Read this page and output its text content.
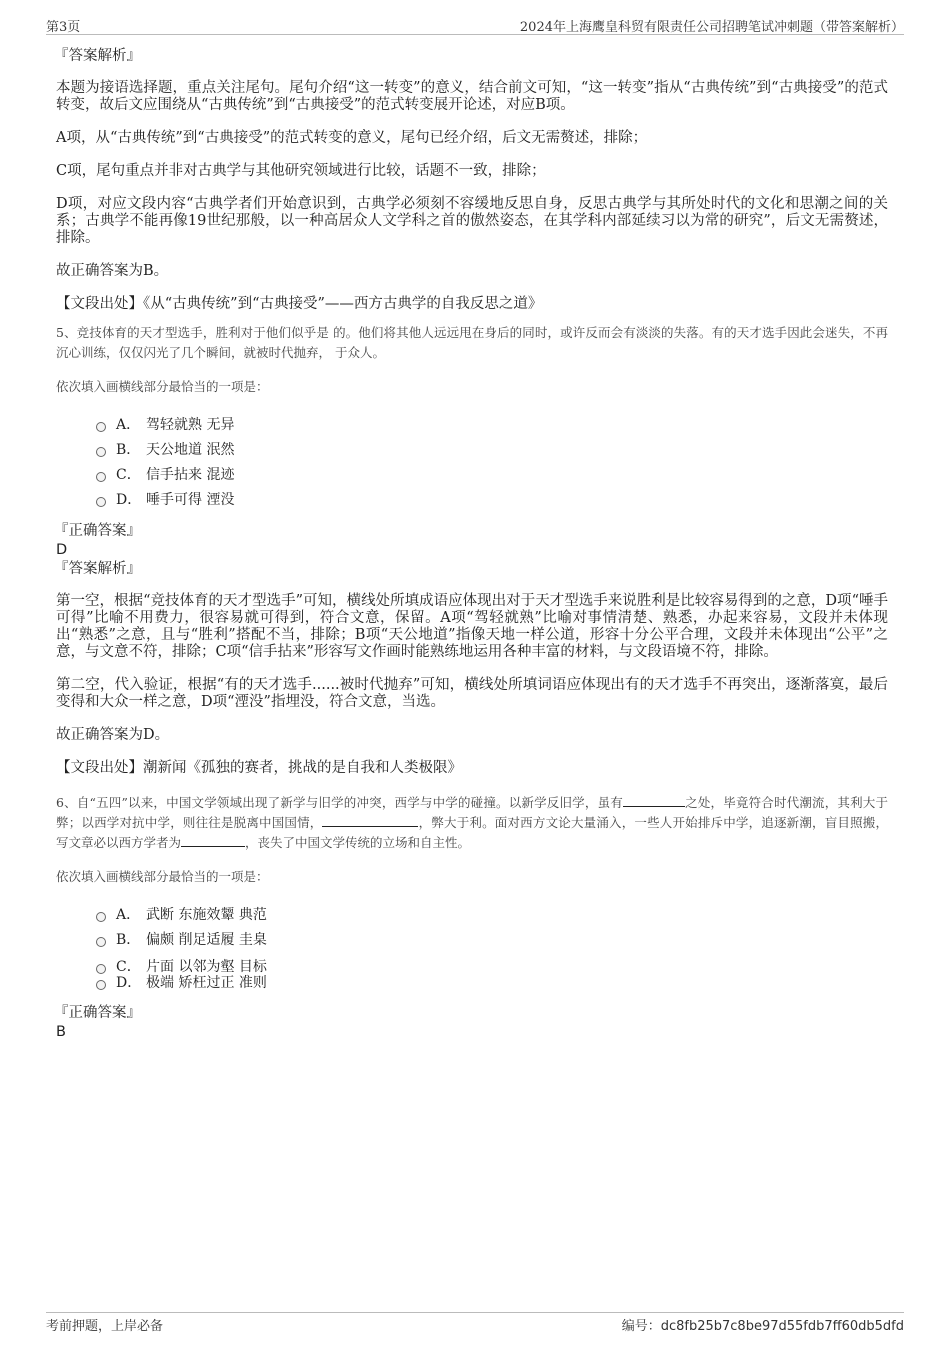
第3页	2024年上海鹰皇科贸有限责任公司招聘笔试冲刺题（带答案解析）
『答案解析』

本题为接语选择题，重点关注尾句。尾句介绍“这一转变”的意义，结合前文可知，“这一转变”指从“古典传统”到“古典接受”的范式转变，故后文应围绕从“古典传统”到“古典接受”的范式转变展开论述，对应B项。

A项，从“古典传统”到“古典接受”的范式转变的意义，尾句已经介绍，后文无需赘述，排除；

C项，尾句重点并非对古典学与其他研究领域进行比较，话题不一致，排除；

D项，对应文段内容“古典学者们开始意识到，古典学必须刻不容缓地反思自身，反思古典学与其所处时代的文化和思潮之间的关系；古典学不能再像19世纪那般，以一种高居众人文学科之首的傲然姿态，在其学科内部延续习以为常的研究”，后文无需赘述，排除。

故正确答案为B。

【文段出处】《从“古典传统”到“古典接受”——西方古典学的自我反思之道》

5、竞技体育的天才型选手，胜利对于他们似乎是 的。他们将其他人远远甩在身后的同时，或许反而会有淡淡的失落。有的天才选手因此会迷失，不再沉心训练，仅仅闪光了几个瞬间，就被时代抛弃， 于众人。

依次填入画横线部分最恰当的一项是：

A． 驾轻就熟 无异
B． 天公地道 泯然
C． 信手拈来 混迹
D． 唾手可得 湮没
『正确答案』
D
『答案解析』

第一空，根据“竞技体育的天才型选手”可知，横线处所填成语应体现出对于天才型选手来说胜利是比较容易得到的之意，D项“唾手可得”比喻不用费力，很容易就可得到，符合文意，保留。A项“驾轻就熟”比喻对事情清楚、熟悉，办起来容易，文段并未体现出“熟悉”之意，且与“胜利”搭配不当，排除；B项“天公地道”指像天地一样公道，形容十分公平合理，文段并未体现出“公平”之意，与文意不符，排除；C项“信手拈来”形容写文作画时能熟练地运用各种丰富的材料，与文段语境不符，排除。

第二空，代入验证，根据“有的天才选手......被时代抛弃”可知，横线处所填词语应体现出有的天才选手不再突出，逐渐落寞，最后变得和大众一样之意，D项“湮没”指埋没，符合文意，当选。

故正确答案为D。

【文段出处】潮新闻《孤独的赛者，挑战的是自我和人类极限》

6、自“五四”以来，中国文学领域出现了新学与旧学的冲突，西学与中学的碰撞。以新学反旧学，虽有	之处，毕竟符合时代潮流，其利大于弊；以西学对抗中学，则往往是脱离中国国情，	，弊大于利。面对西方文论大量涌入，一些人开始排斥中学，追逐新潮，盲目照搬，写文章必以西方学者为	，丧失了中国文学传统的立场和自主性。

依次填入画横线部分最恰当的一项是：

A． 武断 东施效颦 典范
B． 偏颇 削足适履 圭臬
C． 片面 以邻为壑 目标
D． 极端 矫枉过正 准则
『正确答案』
B
考前押题，上岸必备	编号：dc8fb25b7c8be97d55fdb7ff60db5dfd
